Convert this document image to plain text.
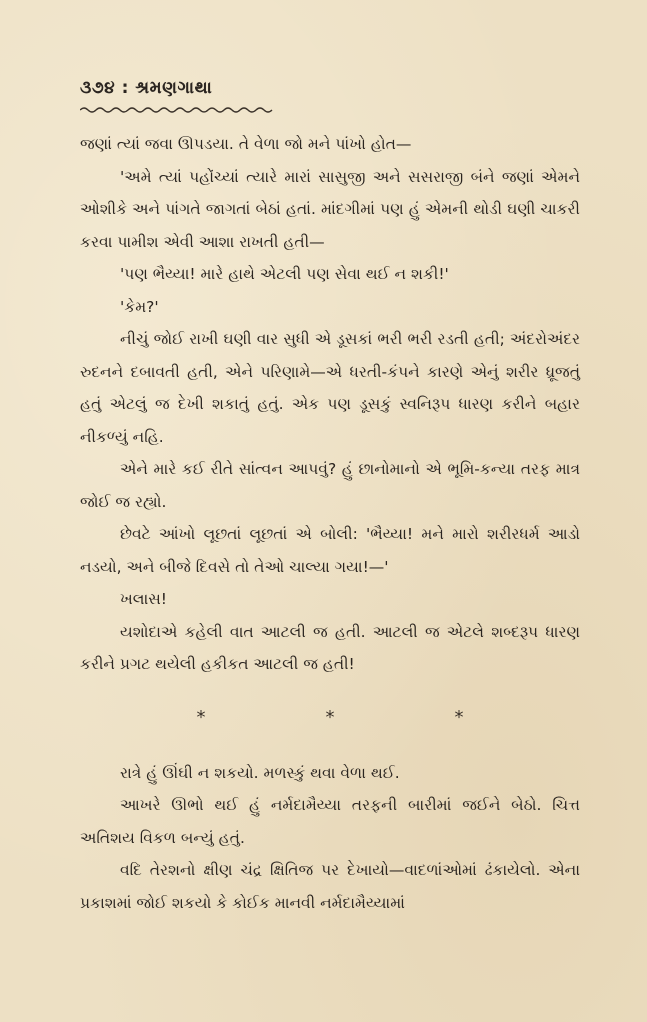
૩૭૪ : શ્રમણગાથા

જણાં ત્યાં જવા ઊપડયા. તે વેળા જો મને પાંખો હોત—

'અમે ત્યાં પહોંચ્યાં ત્યારે મારાં સાસુજી અને સસરાજી બંને જણાં એમને ઓશીકે અને પાંગતે જાગતાં બેઠાં હતાં. માંદગીમાં પણ હું એમની થોડી ઘણી ચાકરી કરવા પામીશ એવી આશા રાખતી હતી—

'પણ ભૈય્યા! મારે હાથે એટલી પણ સેવા થઈ ન શકી!'

'કેમ?'

નીચું જોઈ રાખી ઘણી વાર સુધી એ ડૂસકાં ભરી ભરી રડતી હતી; અંદરોઅંદર રુદનને દબાવતી હતી, એને પરિણામે—એ ધરતી-કંપને કારણે એનું શરીર ધ્રૂજતું હતું એટલું જ દેખી શકાતું હતું. એક પણ ડૂસકું સ્વનિરૂપ ધારણ કરીને બહાર નીકળ્યું નહિ.

એને મારે કઈ રીતે સાંત્વન આપવું? હું છાનોમાનો એ ભૂમિ-કન્યા તરફ માત્ર જોઈ જ રહ્યો.

છેવટે આંખો લૂછતાં લૂછતાં એ બોલી: 'ભૈય્યા! મને મારો શરીરધર્મ આડો નડયો, અને બીજે દિવસે તો તેઓ ચાલ્યા ગયા!—'

ખલાસ!

યશોદાએ કહેલી વાત આટલી જ હતી. આટલી જ એટલે શબ્દરૂપ ધારણ કરીને પ્રગટ થયેલી હકીકત આટલી જ હતી!

*	*	*

રાત્રે હું ઊંઘી ન શકયો. મળસ્કું થવા વેળા થઈ.

આખરે ઊભો થઈ હું નર્મદામૈય્યા તરફની બારીમાં જઈને બેઠો. ચિત્ત અતિશય વિકળ બન્યું હતું.

વદિ તેરશનો ક્ષીણ ચંદ્ર ક્ષિતિજ પર દેખાયો—વાદળાંઓમાં ઢંકાયેલો. એના પ્રકાશમાં જોઈ શકયો કે કોઈક માનવી નર્મદામૈય્યામાં
